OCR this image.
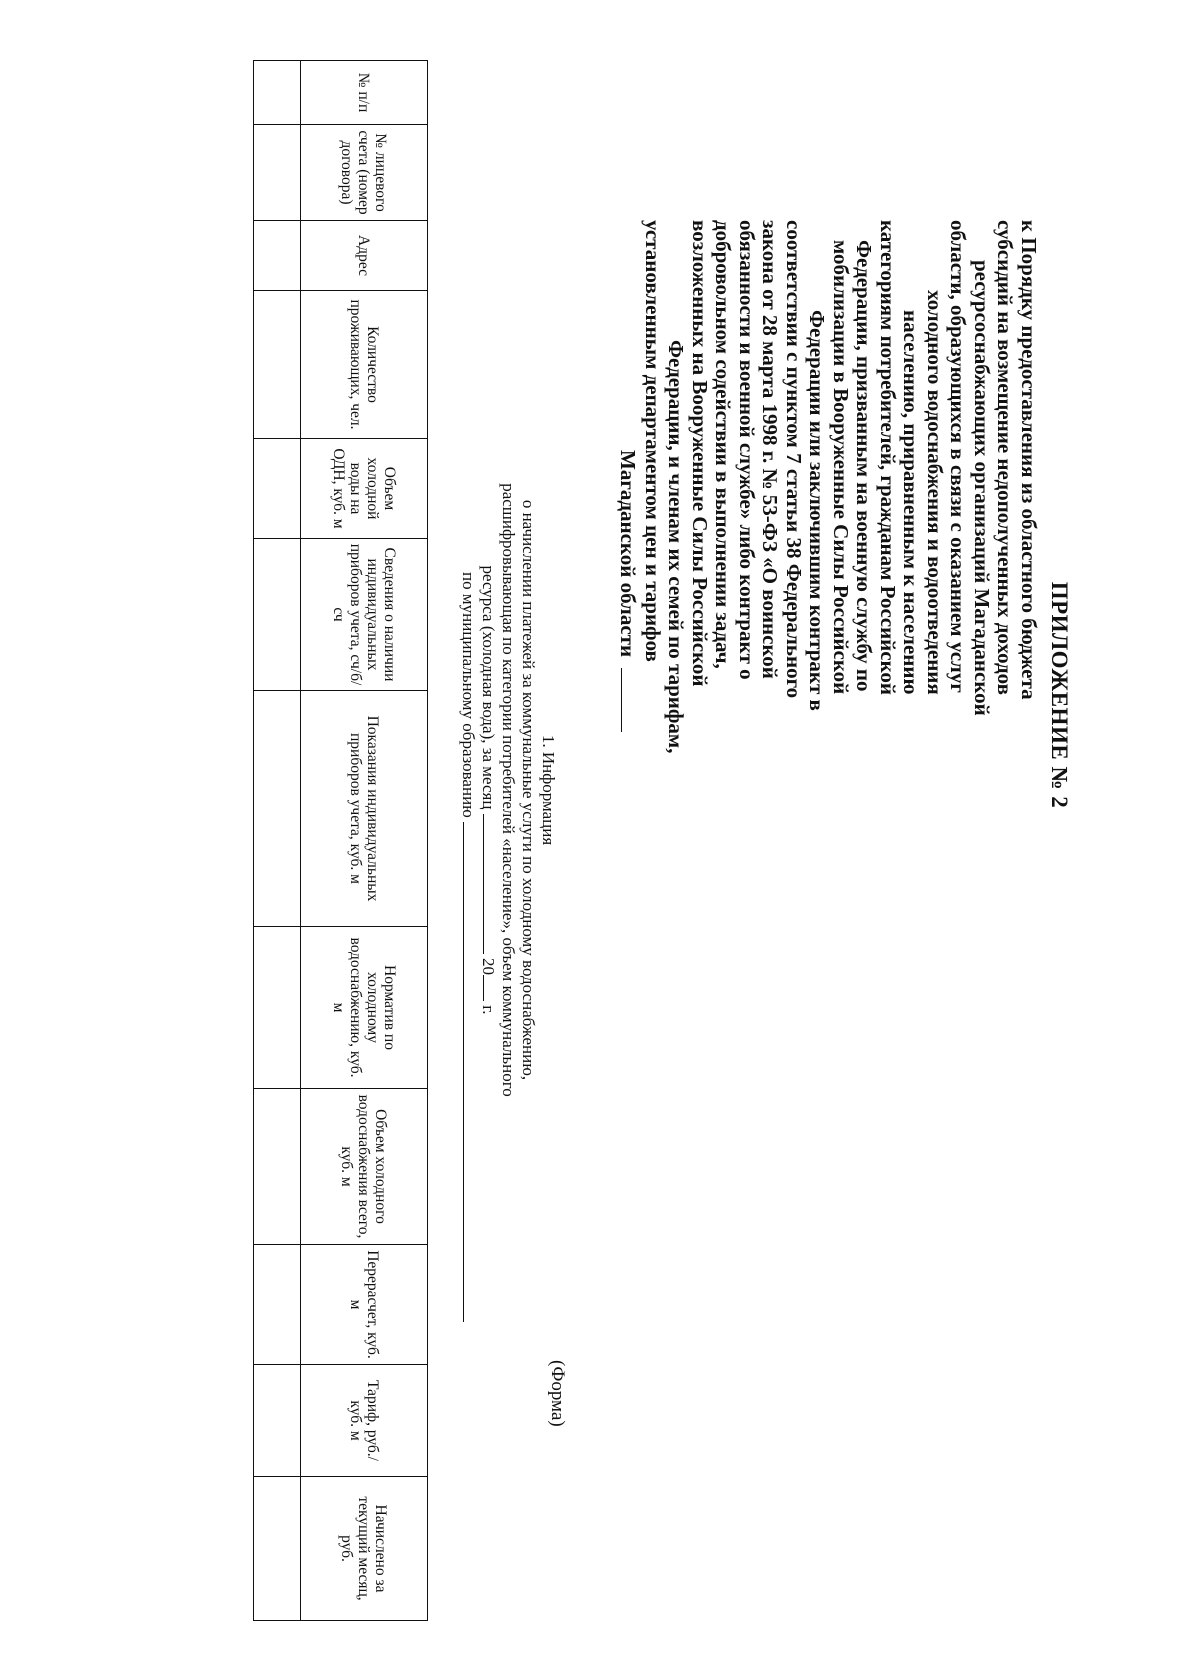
ПРИЛОЖЕНИЕ № 2
к Порядку предоставления из областного бюджета
субсидий на возмещение недополученных доходов
ресурсоснабжающих организаций Магаданской
области, образующихся в связи с оказанием услуг
холодного водоснабжения и водоотведения
населению, приравненным к населению
категориям потребителей, гражданам Российской
Федерации, призванным на военную службу по
мобилизации в Вооруженные Силы Российской
Федерации или заключившим контракт в
соответствии с пунктом 7 статьи 38 Федерального
закона от 28 марта 1998 г. № 53-ФЗ «О воинской
обязанности и военной службе» либо контракт о
добровольном содействии в выполнении задач,
возложенных на Вооруженные Силы Российской
Федерации, и членам их семей по тарифам,
установленным департаментом цен и тарифов
Магаданской области
(Форма)
1. Информация
о начислении платежей за коммунальные услуги по холодному водоснабжению,
расшифровывающая по категории потребителей «население», объем коммунального
ресурса (холодная вода), за месяц  20 г.
по муниципальному образованию
№ п/п	№ лицевого счета (номер договора)	Адрес	Количество проживающих, чел.	Объем холодной воды на ОДН, куб. м	Сведения о наличии индивидуальных приборов учета, сч/б/сч	Показания индивидуальных приборов учета, куб. м	Норматив по холодному водоснабжению, куб. м	Объем холодного водоснабжения всего, куб. м	Перерасчет, куб. м	Тариф, руб./куб. м	Начислено за текущий месяц, руб.
